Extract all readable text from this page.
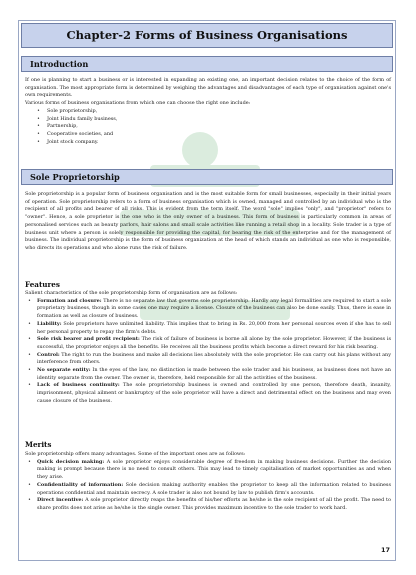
Chapter-2 Forms of Business Organisations
Introduction

If one is planning to start a business or is interested in expanding an existing one, an important decision relates to the choice of the form of organisation. The most appropriate form is determined by weighing the advantages and disadvantages of each type of organisation against one's own requirements.

Various forms of business organisations from which one can choose the right one include:

• Sole proprietorship,
• Joint Hindu family business,
• Partnership,
• Cooperative societies, and
• Joint stock company.
Sole Proprietorship

Sole proprietorship is a popular form of business organisation and is the most suitable form for small businesses, especially in their initial years of operation. Sole proprietorship refers to a form of business organisation which is owned, managed and controlled by an individual who is the recipient of all profits and bearer of all risks. This is evident from the term itself. The word "sole" implies "only", and "proprietor" refers to "owner". Hence, a sole proprietor is the one who is the only owner of a business. This form of business is particularly common in areas of personalised services such as beauty parlors, hair salons and small scale activities like running a retail shop in a locality. Sole trader is a type of business unit where a person is solely responsible for providing the capital, for bearing the risk of the enterprise and for the management of business. The individual proprietorship is the form of business organization at the head of which stands an individual as one who is responsible, who directs its operations and who alone runs the risk of failure.

Features

Salient characteristics of the sole proprietorship form of organisation are as follows:

• Formation and closure: There is no separate law that governs sole proprietorship. Hardly any legal formalities are required to start a sole proprietary business, though in some cases one may require a license. Closure of the business can also be done easily. Thus, there is ease in formation as well as closure of business.
• Liability: Sole proprietors have unlimited liability. This implies that to bring in Rs. 20,000 from her personal sources even if she has to sell her personal property to repay the firm's debts.
• Sole risk bearer and profit recipient: The risk of failure of business is borne all alone by the sole proprietor. However, if the business is successful, the proprietor enjoys all the benefits. He receives all the business profits which become a direct reward for his risk bearing.
• Control: The right to run the business and make all decisions lies absolutely with the sole proprietor. He can carry out his plans without any interference from others.
• No separate entity: In the eyes of the law, no distinction is made between the sole trader and his business, as business does not have an identity separate from the owner. The owner is, therefore, held responsible for all the activities of the business.
• Lack of business continuity: The sole proprietorship business is owned and controlled by one person, therefore death, insanity, imprisonment, physical ailment or bankruptcy of the sole proprietor will have a direct and detrimental effect on the business and may even cause closure of the business.
Merits

Sole proprietorship offers many advantages. Some of the important ones are as follows:

• Quick decision making: A sole proprietor enjoys considerable degree of freedom in making business decisions. Further the decision making is prompt because there is no need to consult others. This may lead to timely capitalisation of market opportunities as and when they arise.
• Confidentiality of information: Sole decision making authority enables the proprietor to keep all the information related to business operations confidential and maintain secrecy. A sole trader is also not bound by law to publish firm's accounts.
• Direct incentive: A sole proprietor directly reaps the benefits of his/her efforts as he/she is the sole recipient of all the profit. The need to share profits does not arise as he/she is the single owner. This provides maximum incentive to the sole trader to work hard.
17
